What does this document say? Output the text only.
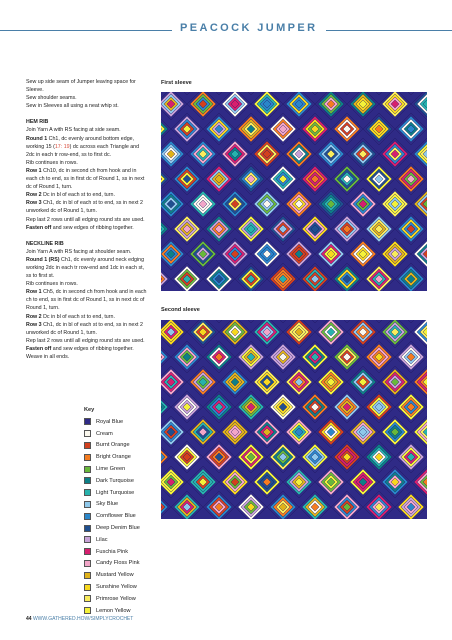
PEACOCK JUMPER

Sew up side seam of Jumper leaving space for Sleeve.

Sew shoulder seams.

Sew in Sleeves all using a neat whip st.

HEM RIB

Join Yarn A with RS facing at side seam.

Round 1 Ch1, dc evenly around bottom edge, working 15 (17: 19) dc across each Triangle and 2dc in each tr row-end, ss to first dc.

Rib continues in rows.

Row 1 Ch10, dc in second ch from hook and in each ch to end, ss in first dc of Round 1, ss in next dc of Round 1, turn.

Row 2 Dc in bl of each st to end, turn.

Row 3 Ch1, dc in bl of each st to end, ss in next 2 unworked dc of Round 1, turn.

Rep last 2 rows until all edging round sts are used.

Fasten off and sew edges of ribbing together.

NECKLINE RIB

Join Yarn A with RS facing at shoulder seam.

Round 1 (RS) Ch1, dc evenly around neck edging working 2dc in each tr row-end and 1dc in each st, ss to first st.

Rib continues in rows.

Row 1 Ch5, dc in second ch from hook and in each ch to end, ss in first dc of Round 1, ss in next dc of Round 1, turn.

Row 2 Dc in bl of each st to end, turn.

Row 3 Ch1, dc in bl of each st to end, ss in next 2 unworked dc of Round 1, turn.

Rep last 2 rows until all edging round sts are used.

Fasten off and sew edges of ribbing together.

Weave in all ends.

First sleeve
Second sleeve
Key
Royal Blue
Cream
Burnt Orange
Bright Orange
Lime Green
Dark Turquoise
Light Turquoise
Sky Blue
Cornflower Blue
Deep Denim Blue
Lilac
Fuschia Pink
Candy Floss Pink
Mustard Yellow
Sunshine Yellow
Primrose Yellow
Lemon Yellow
44 WWW.GATHERED.HOW/SIMPLYCROCHET
